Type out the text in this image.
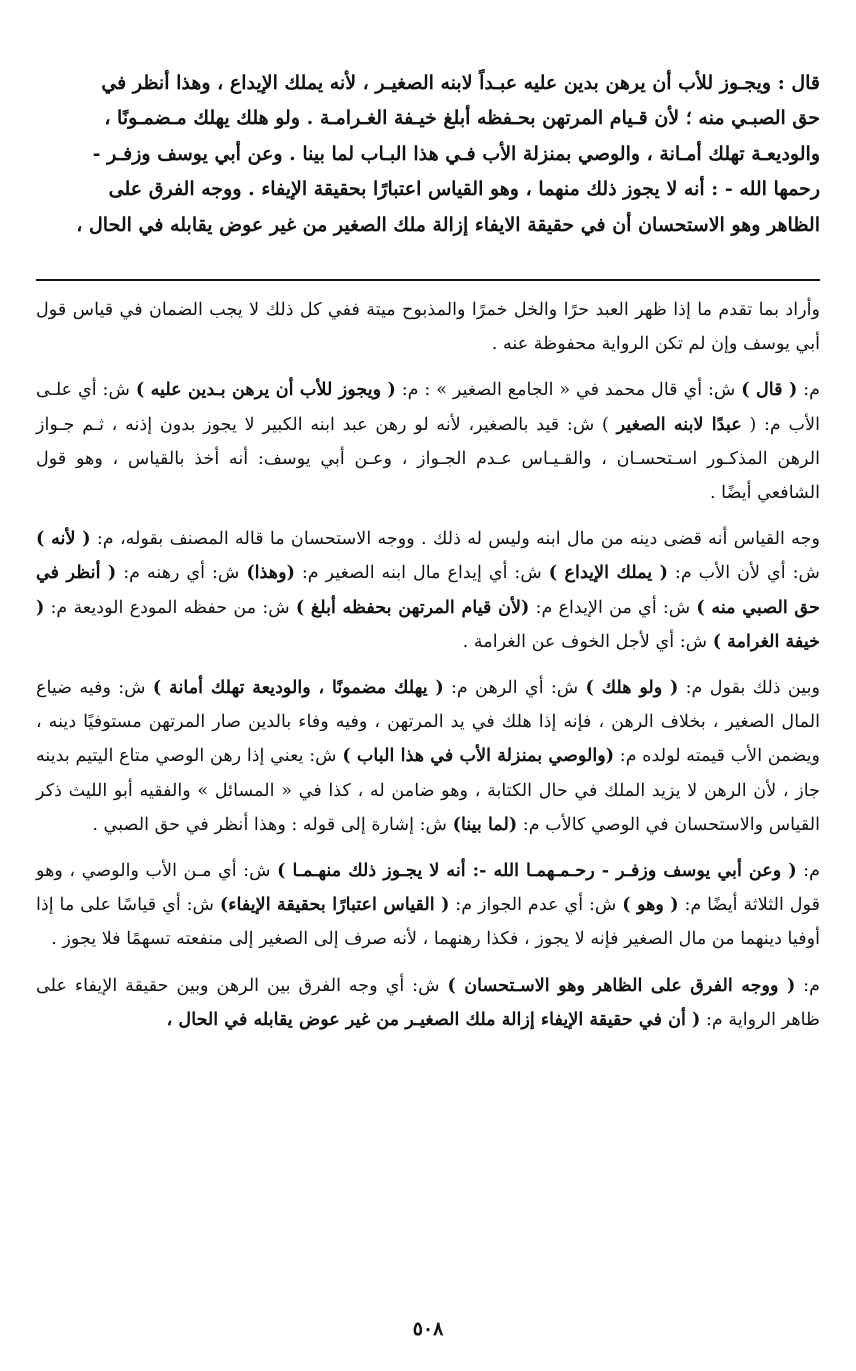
قال : ويجـوز للأب أن يرهن بدين عليه عبـداً لابنه الصغيـر ، لأنه يملك الإيداع ، وهذا أنظر في

حق الصبـي منه ؛ لأن قـيام المرتهن بحـفظه أبلغ خيـفة الغـرامـة . ولو هلك يهلك مـضمـونًا ،

والوديعـة تهلك أمـانة ، والوصي بمنزلة الأب فـي هذا البـاب لما بينا . وعن أبي يوسف وزفـر -

رحمها الله - : أنه لا يجوز ذلك منهما ، وهو القياس اعتبارًا بحقيقة الإيفاء . ووجه الفرق على

الظاهر وهو الاستحسان أن في حقيقة الايفاء إزالة ملك الصغير من غير عوض يقابله في الحال ،

وأراد بما تقدم ما إذا ظهر العبد حرًا والخل خمرًا والمذبوح ميتة ففي كل ذلك لا يجب الضمان في قياس قول أبي يوسف وإن لم تكن الرواية محفوظة عنه .

م: ( قال ) ش: أي قال محمد في « الجامع الصغير » : م: ( ويجوز للأب أن يرهن بـدين عليه ) ش: أي علـى الأب م: ( عبدًا لابنه الصغير ) ش: قيد بالصغير، لأنه لو رهن عبد ابنه الكبير لا يجوز بدون إذنه ، ثـم جـواز الرهن المذكـور اسـتحسـان ، والقـيـاس عـدم الجـواز ، وعـن أبي يوسف: أنه أخذ بالقياس ، وهو قول الشافعي أيضًا .

وجه القياس أنه قضى دينه من مال ابنه وليس له ذلك . ووجه الاستحسان ما قاله المصنف بقوله، م: ( لأنه ) ش: أي لأن الأب م: ( يملك الإيداع ) ش: أي إيداع مال ابنه الصغير م: (وهذا) ش: أي رهنه م: ( أنظر في حق الصبي منه ) ش: أي من الإيداع م: (لأن قيام المرتهن بحفظه أبلغ ) ش: من حفظه المودع الوديعة م: ( خيفة الغرامة ) ش: أي لأجل الخوف عن الغرامة .

وبين ذلك بقول م: ( ولو هلك ) ش: أي الرهن م: ( يهلك مضمونًا ، والوديعة تهلك أمانة ) ش: وفيه ضياع المال الصغير ، بخلاف الرهن ، فإنه إذا هلك في يد المرتهن ، وفيه وفاء بالدين صار المرتهن مستوفيًا دينه ، ويضمن الأب قيمته لولده م: (والوصي بمنزلة الأب في هذا الباب ) ش: يعني إذا رهن الوصي متاع اليتيم بدينه جاز ، لأن الرهن لا يزيد الملك في حال الكتابة ، وهو ضامن له ، كذا في « المسائل » والفقيه أبو الليث ذكر القياس والاستحسان في الوصي كالأب م: (لما بينا) ش: إشارة إلى قوله : وهذا أنظر في حق الصبي .

م: ( وعن أبي يوسف وزفـر - رحـمـهمـا الله -: أنه لا يجـوز ذلك منهـمـا ) ش: أي مـن الأب والوصي ، وهو قول الثلاثة أيضًا م: ( وهو ) ش: أي عدم الجواز م: ( القياس اعتبارًا بحقيقة الإيفاء) ش: أي قياسًا على ما إذا أوفيا دينهما من مال الصغير فإنه لا يجوز ، فكذا رهنهما ، لأنه صرف إلى الصغير إلى منفعته تسهمًا فلا يجوز .

م: ( ووجه الفرق على الظاهر وهو الاسـتحسان ) ش: أي وجه الفرق بين الرهن وبين حقيقة الإيفاء على ظاهر الرواية م: ( أن في حقيقة الإيفاء إزالة ملك الصغيـر من غير عوض يقابله في الحال ،

٥٠٨
